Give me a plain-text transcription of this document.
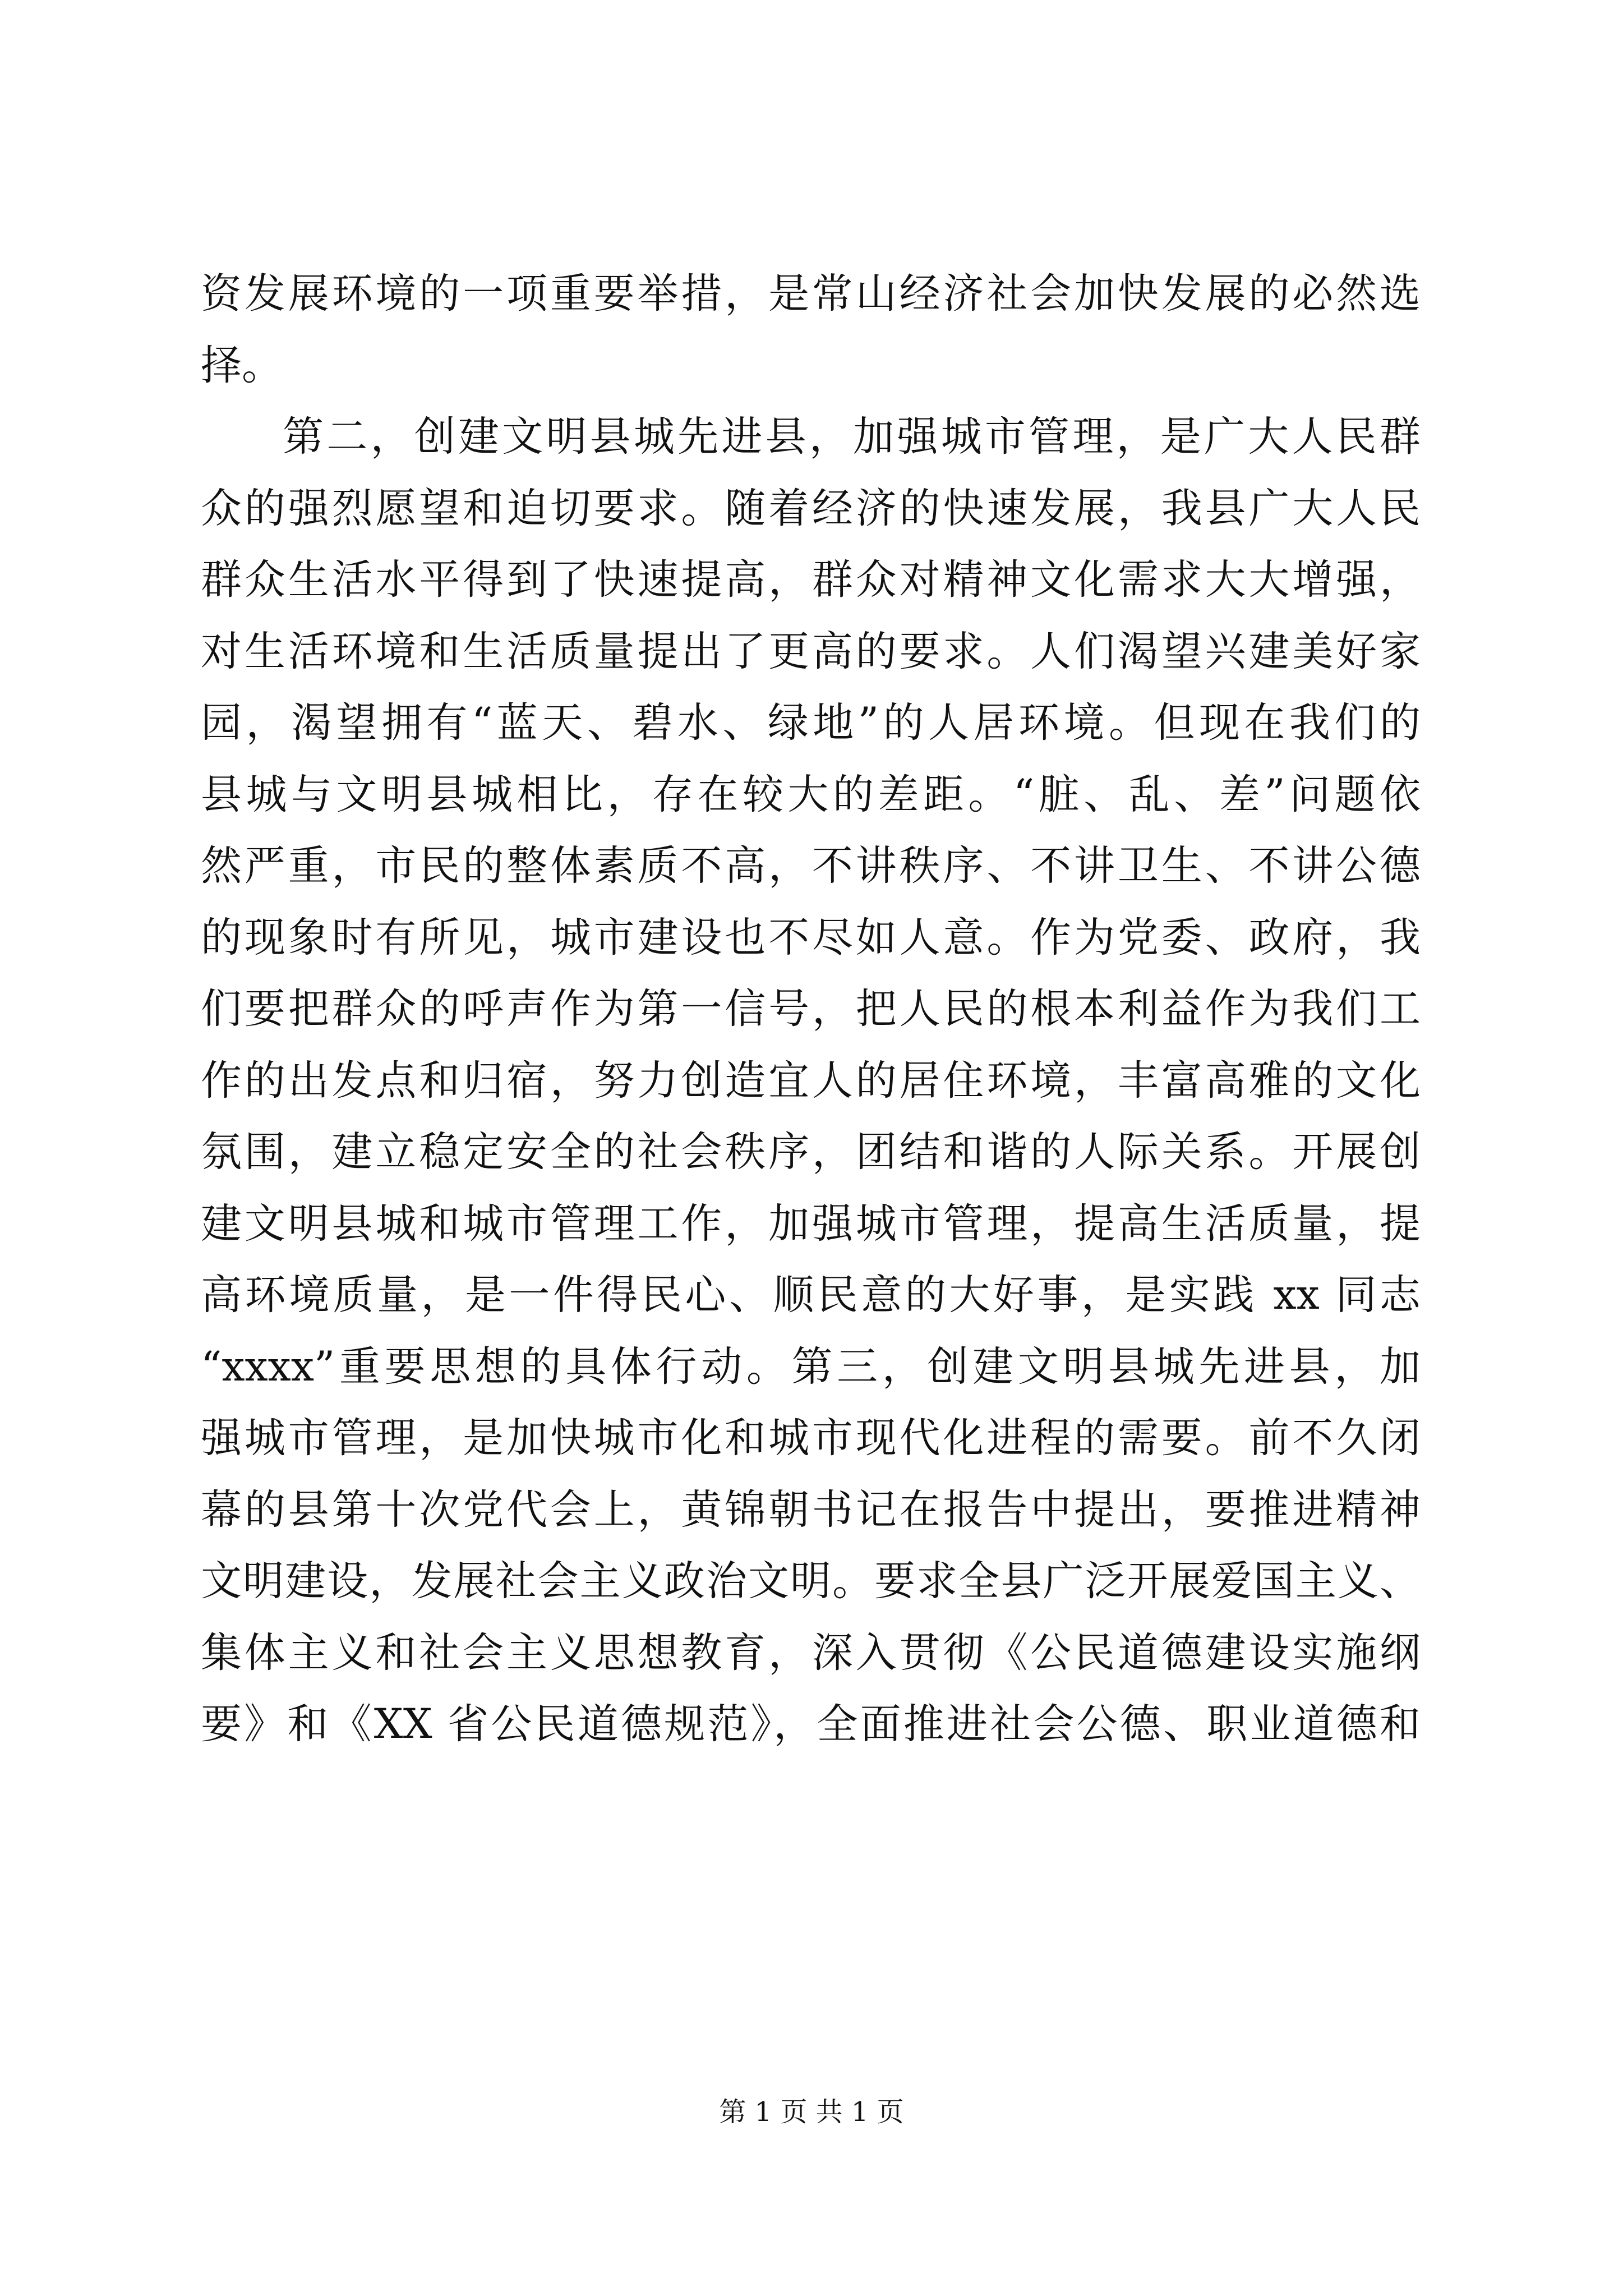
资发展环境的一项重要举措，是常山经济社会加快发展的必然选
择。
第二，创建文明县城先进县，加强城市管理，是广大人民群
众的强烈愿望和迫切要求。随着经济的快速发展，我县广大人民
群众生活水平得到了快速提高，群众对精神文化需求大大增强，
对生活环境和生活质量提出了更高的要求。人们渴望兴建美好家
园，渴望拥有“蓝天、碧水、绿地”的人居环境。但现在我们的
县城与文明县城相比，存在较大的差距。“脏、乱、差”问题依
然严重，市民的整体素质不高，不讲秩序、不讲卫生、不讲公德
的现象时有所见，城市建设也不尽如人意。作为党委、政府，我
们要把群众的呼声作为第一信号，把人民的根本利益作为我们工
作的出发点和归宿，努力创造宜人的居住环境，丰富高雅的文化
氛围，建立稳定安全的社会秩序，团结和谐的人际关系。开展创
建文明县城和城市管理工作，加强城市管理，提高生活质量，提
高环境质量，是一件得民心、顺民意的大好事，是实践 xx 同志
“xxxx”重要思想的具体行动。第三，创建文明县城先进县，加
强城市管理，是加快城市化和城市现代化进程的需要。前不久闭
幕的县第十次党代会上，黄锦朝书记在报告中提出，要推进精神
文明建设，发展社会主义政治文明。要求全县广泛开展爱国主义、
集体主义和社会主义思想教育，深入贯彻《公民道德建设实施纲
要》和《XX 省公民道德规范》，全面推进社会公德、职业道德和
第 1 页 共 1 页
